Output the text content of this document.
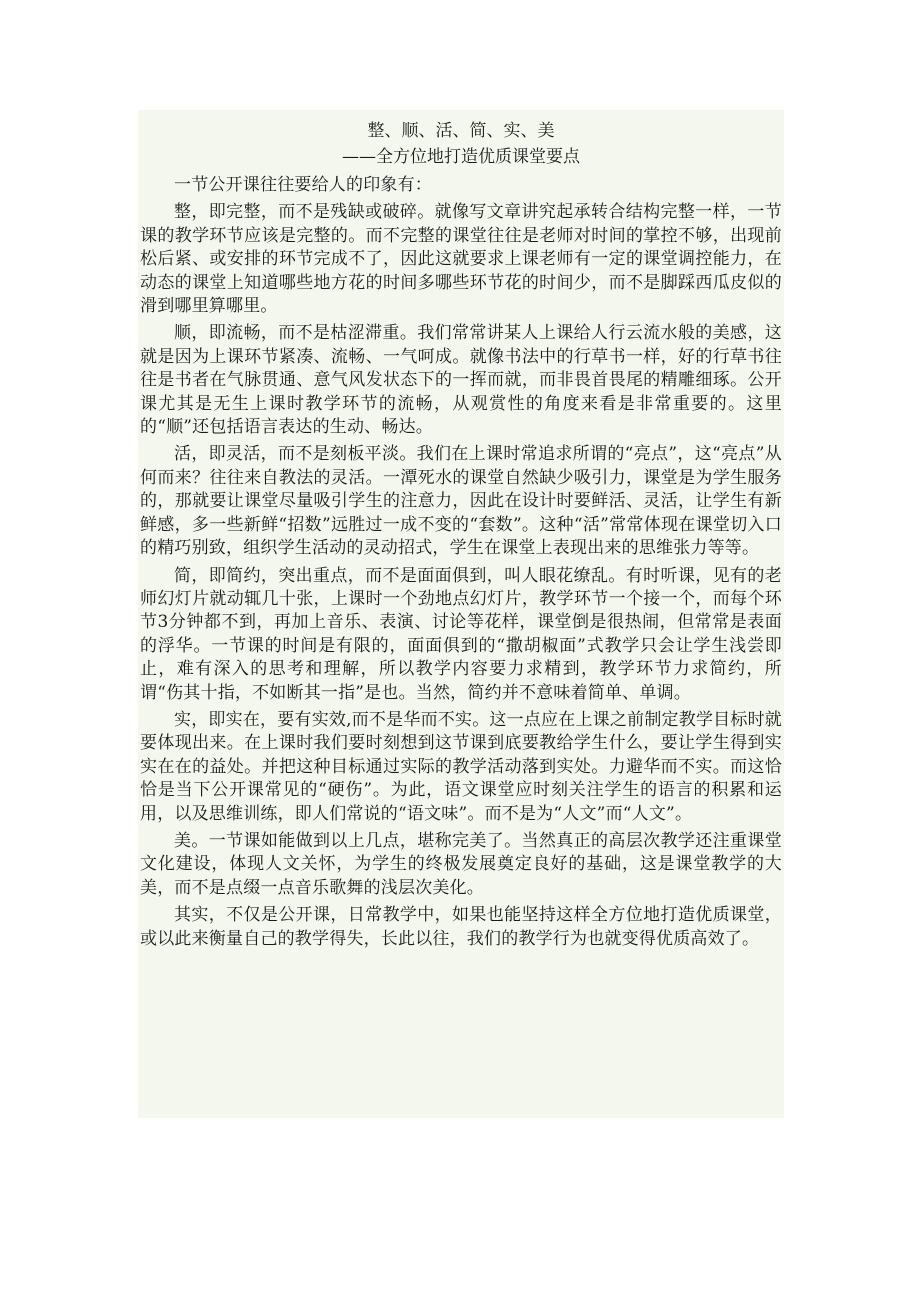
整、顺、活、简、实、美
——全方位地打造优质课堂要点

一节公开课往往要给人的印象有：

整，即完整，而不是残缺或破碎。就像写文章讲究起承转合结构完整一样，一节课的教学环节应该是完整的。而不完整的课堂往往是老师对时间的掌控不够，出现前松后紧、或安排的环节完成不了，因此这就要求上课老师有一定的课堂调控能力，在动态的课堂上知道哪些地方花的时间多哪些环节花的时间少，而不是脚踩西瓜皮似的滑到哪里算哪里。

顺，即流畅，而不是枯涩滞重。我们常常讲某人上课给人行云流水般的美感，这就是因为上课环节紧凑、流畅、一气呵成。就像书法中的行草书一样，好的行草书往往是书者在气脉贯通、意气风发状态下的一挥而就，而非畏首畏尾的精雕细琢。公开课尤其是无生上课时教学环节的流畅，从观赏性的角度来看是非常重要的。这里的“顺”还包括语言表达的生动、畅达。

活，即灵活，而不是刻板平淡。我们在上课时常追求所谓的“亮点”，这“亮点”从何而来？往往来自教法的灵活。一潭死水的课堂自然缺少吸引力，课堂是为学生服务的，那就要让课堂尽量吸引学生的注意力，因此在设计时要鲜活、灵活，让学生有新鲜感，多一些新鲜“招数”远胜过一成不变的“套数”。这种“活”常常体现在课堂切入口的精巧别致，组织学生活动的灵动招式，学生在课堂上表现出来的思维张力等等。

简，即简约，突出重点，而不是面面俱到，叫人眼花缭乱。有时听课，见有的老师幻灯片就动辄几十张，上课时一个劲地点幻灯片，教学环节一个接一个，而每个环节3分钟都不到，再加上音乐、表演、讨论等花样，课堂倒是很热闹，但常常是表面的浮华。一节课的时间是有限的，面面俱到的“撒胡椒面”式教学只会让学生浅尝即止，难有深入的思考和理解，所以教学内容要力求精到，教学环节力求简约，所谓“伤其十指，不如断其一指”是也。当然，简约并不意味着简单、单调。

实，即实在，要有实效,而不是华而不实。这一点应在上课之前制定教学目标时就要体现出来。在上课时我们要时刻想到这节课到底要教给学生什么，要让学生得到实实在在的益处。并把这种目标通过实际的教学活动落到实处。力避华而不实。而这恰恰是当下公开课常见的“硬伤”。为此，语文课堂应时刻关注学生的语言的积累和运用，以及思维训练，即人们常说的“语文味”。而不是为“人文”而“人文”。

美。一节课如能做到以上几点，堪称完美了。当然真正的高层次教学还注重课堂文化建设，体现人文关怀，为学生的终极发展奠定良好的基础，这是课堂教学的大美，而不是点缀一点音乐歌舞的浅层次美化。

其实，不仅是公开课，日常教学中，如果也能坚持这样全方位地打造优质课堂，或以此来衡量自己的教学得失，长此以往，我们的教学行为也就变得优质高效了。
